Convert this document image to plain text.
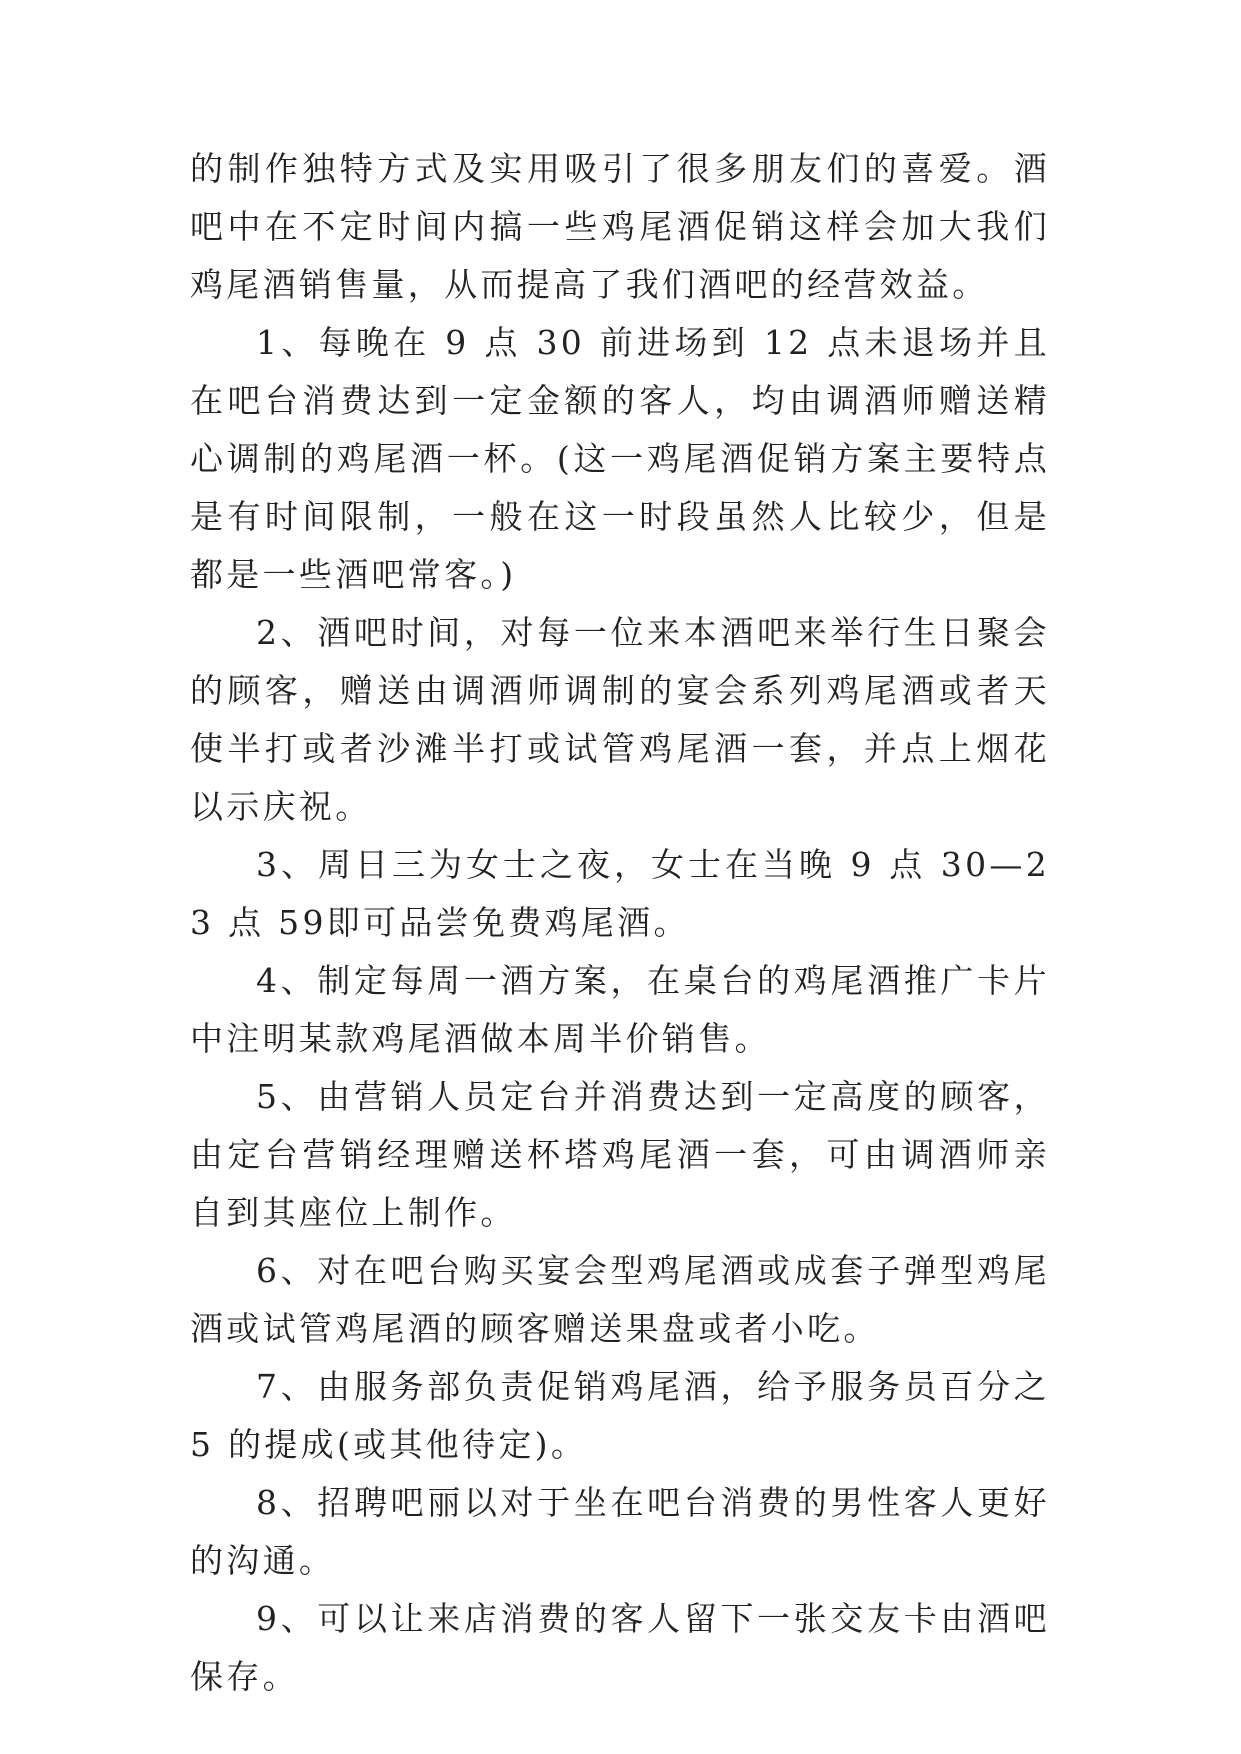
的制作独特方式及实用吸引了很多朋友们的喜爱。酒吧中在不定时间内搞一些鸡尾酒促销这样会加大我们鸡尾酒销售量，从而提高了我们酒吧的经营效益。

1、每晚在 9 点 30 前进场到 12 点未退场并且在吧台消费达到一定金额的客人，均由调酒师赠送精心调制的鸡尾酒一杯。(这一鸡尾酒促销方案主要特点是有时间限制，一般在这一时段虽然人比较少，但是都是一些酒吧常客。)

2、酒吧时间，对每一位来本酒吧来举行生日聚会的顾客，赠送由调酒师调制的宴会系列鸡尾酒或者天使半打或者沙滩半打或试管鸡尾酒一套，并点上烟花以示庆祝。

3、周日三为女士之夜，女士在当晚 9 点 30—23 点 59即可品尝免费鸡尾酒。

4、制定每周一酒方案，在桌台的鸡尾酒推广卡片中注明某款鸡尾酒做本周半价销售。

5、由营销人员定台并消费达到一定高度的顾客，由定台营销经理赠送杯塔鸡尾酒一套，可由调酒师亲自到其座位上制作。

6、对在吧台购买宴会型鸡尾酒或成套子弹型鸡尾酒或试管鸡尾酒的顾客赠送果盘或者小吃。

7、由服务部负责促销鸡尾酒，给予服务员百分之 5 的提成(或其他待定)。

8、招聘吧丽以对于坐在吧台消费的男性客人更好的沟通。

9、可以让来店消费的客人留下一张交友卡由酒吧保存。
